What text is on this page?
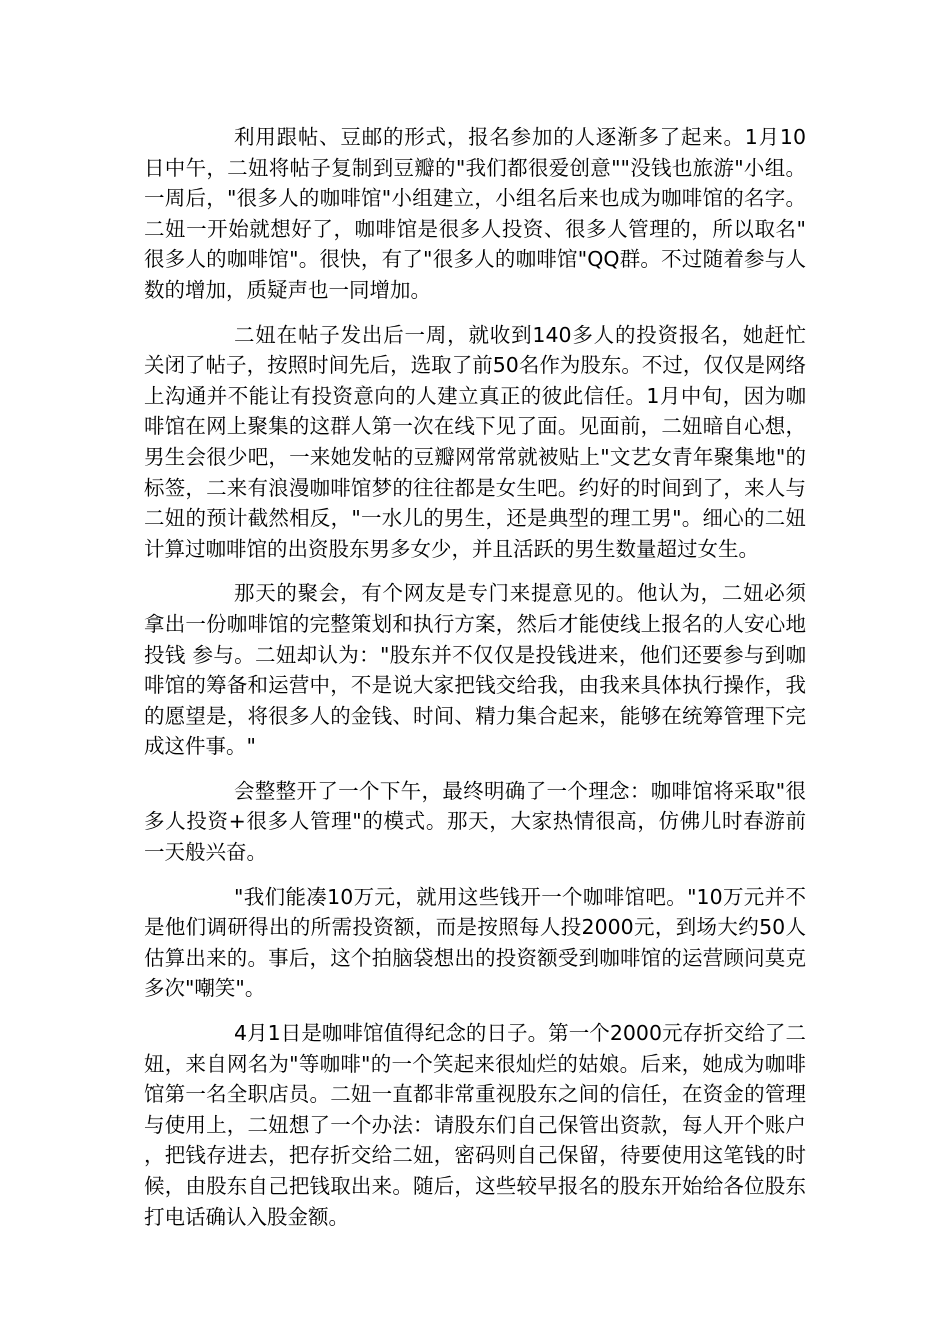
利用跟帖、豆邮的形式，报名参加的人逐渐多了起来。1月10日中午，二妞将帖子复制到豆瓣的"我们都很爱创意""没钱也旅游"小组。一周后，"很多人的咖啡馆"小组建立，小组名后来也成为咖啡馆的名字。二妞一开始就想好了，咖啡馆是很多人投资、很多人管理的，所以取名"很多人的咖啡馆"。很快，有了"很多人的咖啡馆"QQ群。不过随着参与人数的增加，质疑声也一同增加。

二妞在帖子发出后一周，就收到140多人的投资报名，她赶忙关闭了帖子，按照时间先后，选取了前50名作为股东。不过，仅仅是网络上沟通并不能让有投资意向的人建立真正的彼此信任。1月中旬，因为咖啡馆在网上聚集的这群人第一次在线下见了面。见面前，二妞暗自心想，男生会很少吧，一来她发帖的豆瓣网常常就被贴上"文艺女青年聚集地"的标签，二来有浪漫咖啡馆梦的往往都是女生吧。约好的时间到了，来人与二妞的预计截然相反，"一水儿的男生，还是典型的理工男"。细心的二妞计算过咖啡馆的出资股东男多女少，并且活跃的男生数量超过女生。

那天的聚会，有个网友是专门来提意见的。他认为，二妞必须拿出一份咖啡馆的完整策划和执行方案，然后才能使线上报名的人安心地投钱 参与。二妞却认为："股东并不仅仅是投钱进来，他们还要参与到咖啡馆的筹备和运营中，不是说大家把钱交给我，由我来具体执行操作，我的愿望是，将很多人的金钱、时间、精力集合起来，能够在统筹管理下完成这件事。"

会整整开了一个下午，最终明确了一个理念：咖啡馆将采取"很多人投资+很多人管理"的模式。那天，大家热情很高，仿佛儿时春游前一天般兴奋。

"我们能凑10万元，就用这些钱开一个咖啡馆吧。"10万元并不是他们调研得出的所需投资额，而是按照每人投2000元，到场大约50人估算出来的。事后，这个拍脑袋想出的投资额受到咖啡馆的运营顾问莫克多次"嘲笑"。

4月1日是咖啡馆值得纪念的日子。第一个2000元存折交给了二妞，来自网名为"等咖啡"的一个笑起来很灿烂的姑娘。后来，她成为咖啡馆第一名全职店员。二妞一直都非常重视股东之间的信任，在资金的管理与使用上，二妞想了一个办法：请股东们自己保管出资款，每人开个账户，把钱存进去，把存折交给二妞，密码则自己保留，待要使用这笔钱的时候，由股东自己把钱取出来。随后，这些较早报名的股东开始给各位股东打电话确认入股金额。
